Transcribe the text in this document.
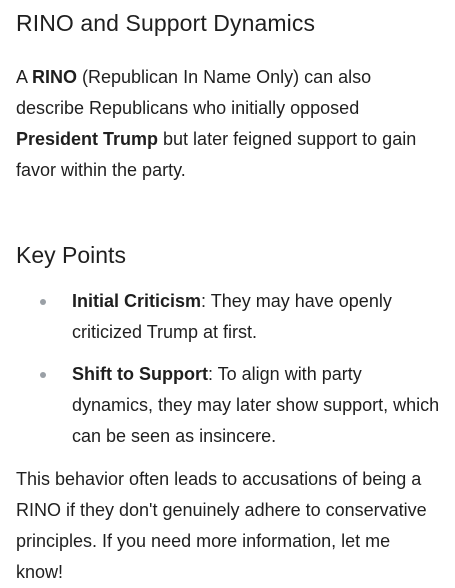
RINO and Support Dynamics

A RINO (Republican In Name Only) can also describe Republicans who initially opposed President Trump but later feigned support to gain favor within the party.

Key Points
Initial Criticism: They may have openly criticized Trump at first.
Shift to Support: To align with party dynamics, they may later show support, which can be seen as insincere.

This behavior often leads to accusations of being a RINO if they don't genuinely adhere to conservative principles. If you need more information, let me know!
